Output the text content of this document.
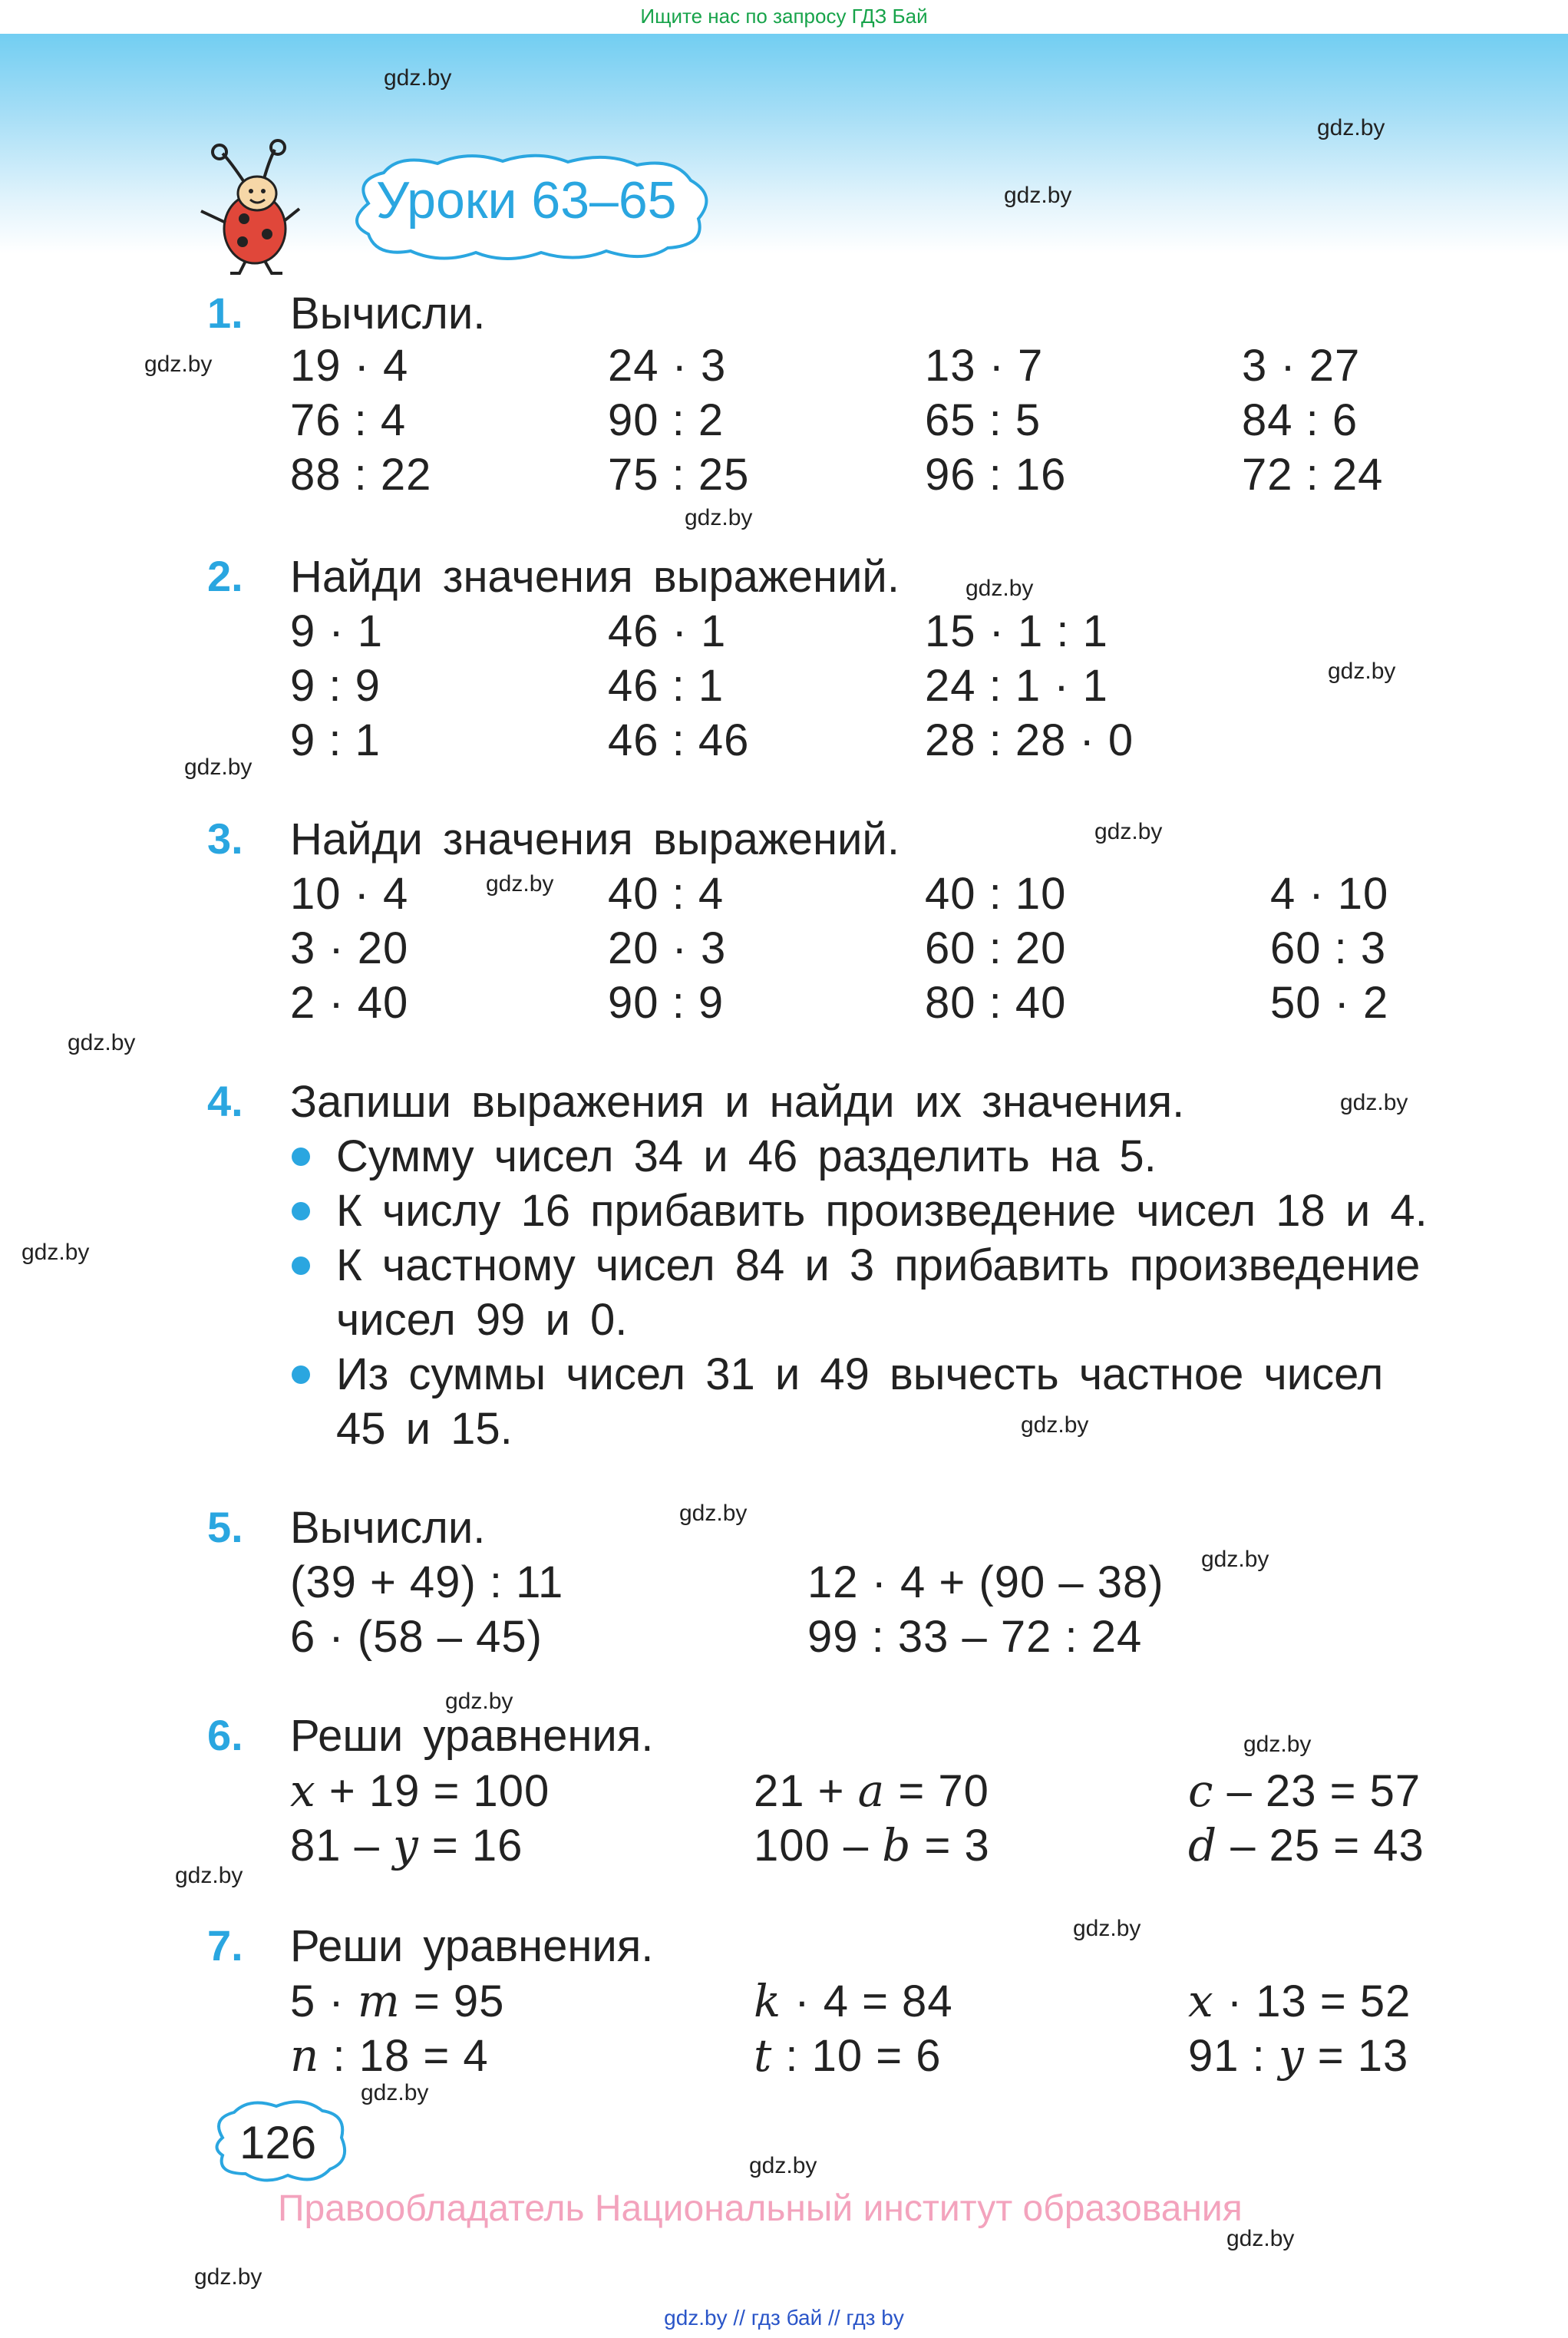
Ищите нас по запросу ГДЗ Бай
Уроки 63–65
1. Вычисли.
19 · 4	24 · 3	13 · 7	3 · 27
76 : 4	90 : 2	65 : 5	84 : 6
88 : 22	75 : 25	96 : 16	72 : 24
2. Найди значения выражений.
9 · 1	46 · 1	15 · 1 : 1
9 : 9	46 : 1	24 : 1 · 1
9 : 1	46 : 46	28 : 28 · 0
3. Найди значения выражений.
10 · 4	40 : 4	40 : 10	4 · 10
3 · 20	20 · 3	60 : 20	60 : 3
2 · 40	90 : 9	80 : 40	50 · 2
4. Запиши выражения и найди их значения.
Сумму чисел 34 и 46 разделить на 5.
К числу 16 прибавить произведение чисел 18 и 4.
К частному чисел 84 и 3 прибавить произведение
чисел 99 и 0.
Из суммы чисел 31 и 49 вычесть частное чисел
45 и 15.
5. Вычисли.
(39 + 49) : 11	12 · 4 + (90 – 38)
6 · (58 – 45)	99 : 33 – 72 : 24
6. Реши уравнения.
x + 19 = 100	21 + a = 70	c – 23 = 57
81 – y = 16	100 – b = 3	d – 25 = 43
7. Реши уравнения.
5 · m = 95	k · 4 = 84	x · 13 = 52
n : 18 = 4	t : 10 = 6	91 : y = 13
126
Правообладатель Национальный институт образования
gdz.by
gdz.by
gdz.by
gdz.by
gdz.by
gdz.by
gdz.by
gdz.by
gdz.by
gdz.by
gdz.by
gdz.by
gdz.by
gdz.by
gdz.by
gdz.by
gdz.by
gdz.by
gdz.by
gdz.by
gdz.by
gdz.by
gdz.by
gdz.by
gdz.by // гдз бай // гдз by
